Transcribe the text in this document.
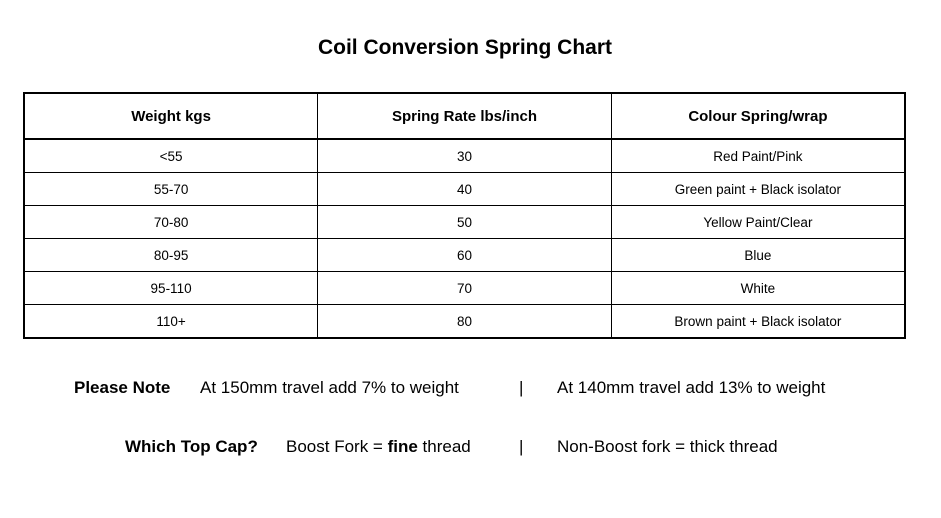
Coil Conversion Spring Chart
Weight kgs	Spring Rate lbs/inch	Colour Spring/wrap
<55	30	Red Paint/Pink
55-70	40	Green paint + Black isolator
70-80	50	Yellow Paint/Clear
80-95	60	Blue
95-110	70	White
110+	80	Brown paint + Black isolator
Please Note At 150mm travel add 7% to weight	| At 140mm travel add 13% to weight
Which Top Cap? Boost Fork = fine thread	| Non-Boost fork = thick thread
